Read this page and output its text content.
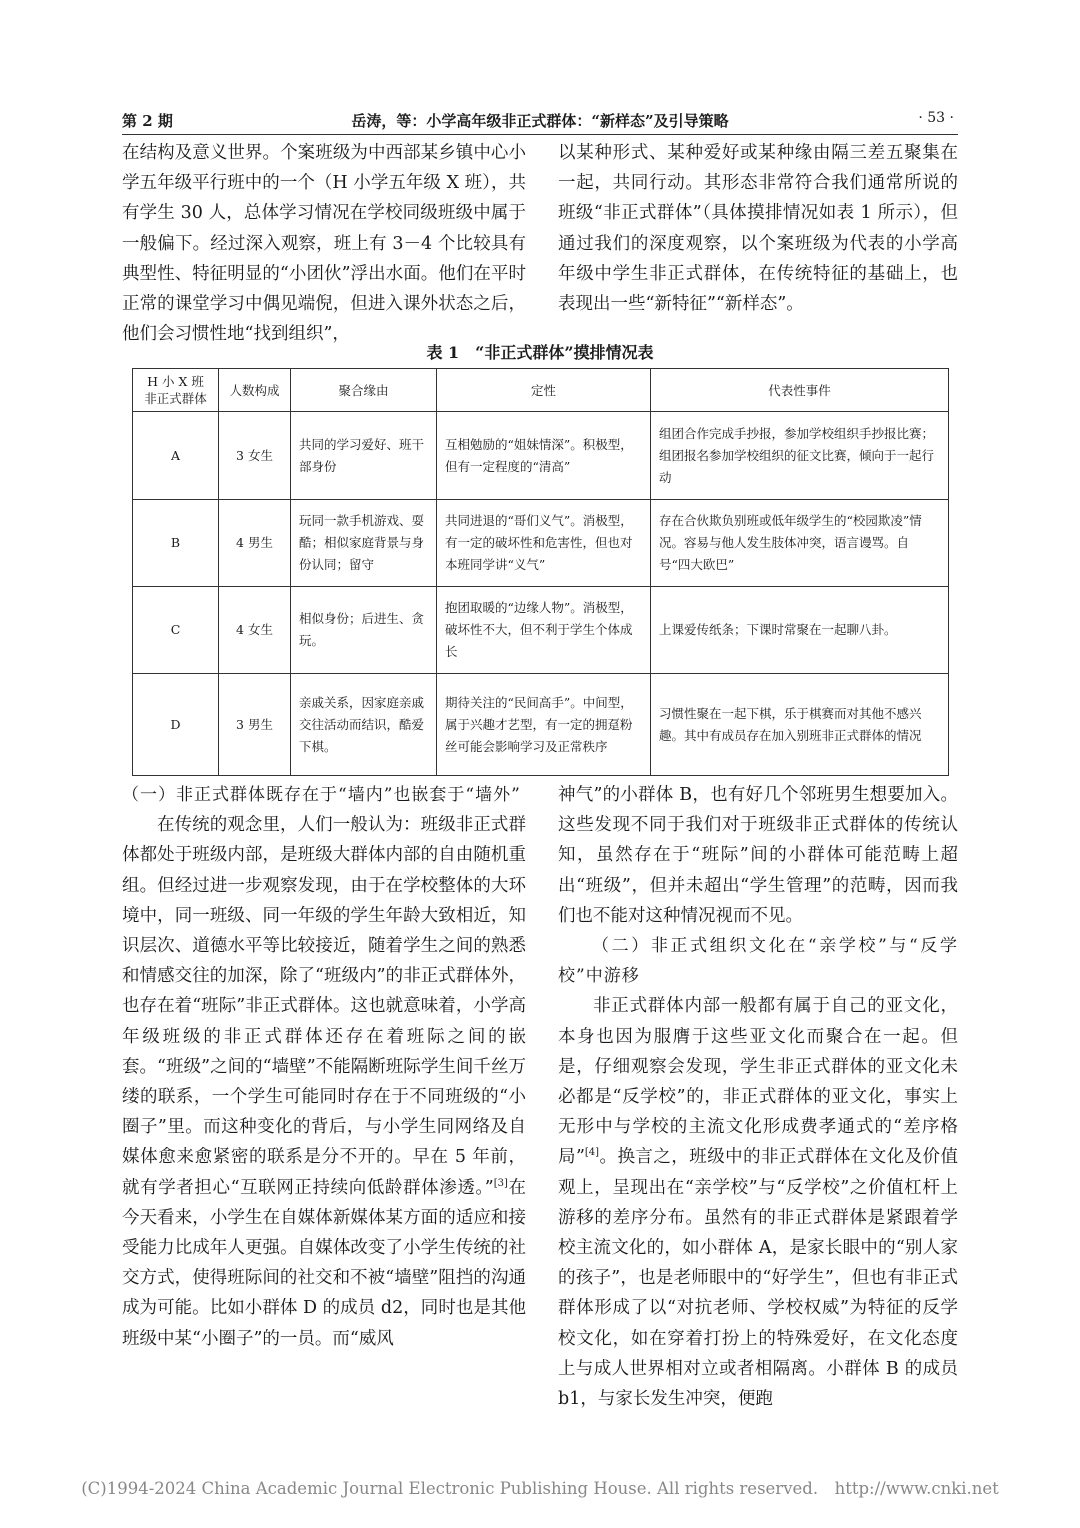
第 2 期	岳涛，等：小学高年级非正式群体：“新样态”及引导策略	· 53 ·

在结构及意义世界。个案班级为中西部某乡镇中心小学五年级平行班中的一个（H 小学五年级 X 班），共有学生 30 人，总体学习情况在学校同级班级中属于一般偏下。经过深入观察，班上有 3－4 个比较具有典型性、特征明显的“小团伙”浮出水面。他们在平时正常的课堂学习中偶见端倪，但进入课外状态之后，他们会习惯性地“找到组织”，

以某种形式、某种爱好或某种缘由隔三差五聚集在一起，共同行动。其形态非常符合我们通常所说的班级“非正式群体”（具体摸排情况如表 1 所示），但通过我们的深度观察，以个案班级为代表的小学高年级中学生非正式群体，在传统特征的基础上，也表现出一些“新特征”“新样态”。

表 1　“非正式群体”摸排情况表
H 小 X 班非正式群体	人数构成	聚合缘由	定性	代表性事件
A	3 女生	共同的学习爱好、班干部身份	互相勉励的“姐妹情深”。积极型，但有一定程度的“清高”	组团合作完成手抄报，参加学校组织手抄报比赛；组团报名参加学校组织的征文比赛，倾向于一起行动
B	4 男生	玩同一款手机游戏、耍酷；相似家庭背景与身份认同；留守	共同进退的“哥们义气”。消极型，有一定的破坏性和危害性，但也对本班同学讲“义气”	存在合伙欺负别班或低年级学生的“校园欺凌”情况。容易与他人发生肢体冲突，语言谩骂。自号“四大欧巴”
C	4 女生	相似身份；后进生、贪玩。	抱团取暖的“边缘人物”。消极型，破坏性不大，但不利于学生个体成长	上课爱传纸条；下课时常聚在一起聊八卦。
D	3 男生	亲戚关系，因家庭亲戚交往活动而结识，酷爱下棋。	期待关注的“民间高手”。中间型，属于兴趣才艺型，有一定的拥趸粉丝可能会影响学习及正常秩序	习惯性聚在一起下棋，乐于棋赛而对其他不感兴趣。其中有成员存在加入别班非正式群体的情况
（一）非正式群体既存在于“墙内”也嵌套于“墙外”

在传统的观念里，人们一般认为：班级非正式群体都处于班级内部，是班级大群体内部的自由随机重组。但经过进一步观察发现，由于在学校整体的大环境中，同一班级、同一年级的学生年龄大致相近，知识层次、道德水平等比较接近，随着学生之间的熟悉和情感交往的加深，除了“班级内”的非正式群体外，也存在着“班际”非正式群体。这也就意味着，小学高年级班级的非正式群体还存在着班际之间的嵌套。“班级”之间的“墙壁”不能隔断班际学生间千丝万缕的联系，一个学生可能同时存在于不同班级的“小圈子”里。而这种变化的背后，与小学生同网络及自媒体愈来愈紧密的联系是分不开的。早在 5 年前，就有学者担心“互联网正持续向低龄群体渗透。”[3]在今天看来，小学生在自媒体新媒体某方面的适应和接受能力比成年人更强。自媒体改变了小学生传统的社交方式，使得班际间的社交和不被“墙壁”阻挡的沟通成为可能。比如小群体 D 的成员 d2，同时也是其他班级中某“小圈子”的一员。而“威风

神气”的小群体 B，也有好几个邻班男生想要加入。这些发现不同于我们对于班级非正式群体的传统认知，虽然存在于“班际”间的小群体可能范畴上超出“班级”，但并未超出“学生管理”的范畴，因而我们也不能对这种情况视而不见。

（二）非正式组织文化在“亲学校”与“反学校”中游移

非正式群体内部一般都有属于自己的亚文化，本身也因为服膺于这些亚文化而聚合在一起。但是，仔细观察会发现，学生非正式群体的亚文化未必都是“反学校”的，非正式群体的亚文化，事实上无形中与学校的主流文化形成费孝通式的“差序格局”[4]。换言之，班级中的非正式群体在文化及价值观上，呈现出在“亲学校”与“反学校”之价值杠杆上游移的差序分布。虽然有的非正式群体是紧跟着学校主流文化的，如小群体 A，是家长眼中的“别人家的孩子”，也是老师眼中的“好学生”，但也有非正式群体形成了以“对抗老师、学校权威”为特征的反学校文化，如在穿着打扮上的特殊爱好，在文化态度上与成人世界相对立或者相隔离。小群体 B 的成员 b1，与家长发生冲突，便跑

(C)1994-2024 China Academic Journal Electronic Publishing House. All rights reserved.　http://www.cnki.net
